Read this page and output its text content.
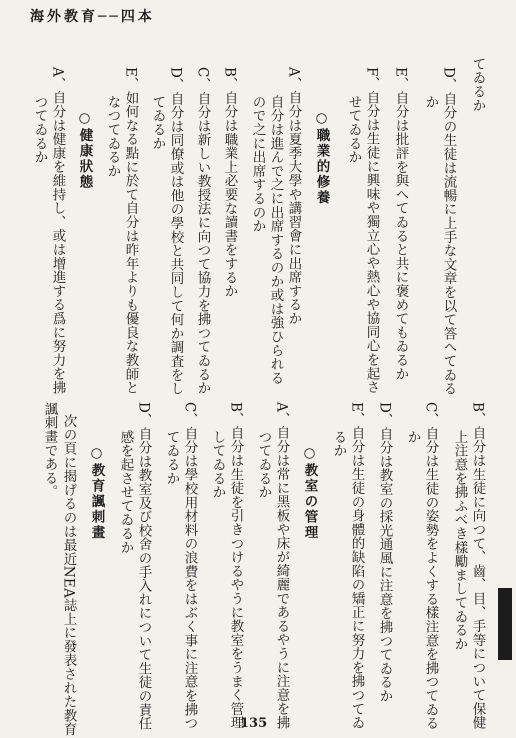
海外教育──四本
てゐるか
D、自分の生徒は流暢に上手な文章を以て答へてゐる
か
E、自分は批評を與へてゐると共に褒めてもゐるか
F、自分は生徒に興味や獨立心や熱心や協同心を起さ
せてゐるか
○職業的修養
A、自分は夏季大學や講習會に出席するか
自分は進んで之に出席するのか或は強ひられる
ので之に出席するのか
B、自分は職業上必要な讀書をするか
C、自分は新しい教授法に向つて協力を拂つてゐるか
D、自分は同僚或は他の學校と共同して何か調査をし
てゐるか
E、如何なる點に於て自分は昨年よりも優良な教師と
なつてゐるか
○健康狀態
A、自分は健康を維持し、或は增進する爲に努力を拂
つてゐるか
B、自分は生徒に向つて、齒、目、手等について保健
上注意を拂ふべき樣勵ましてゐるか
C、自分は生徒の姿勢をよくする樣注意を拂つてゐる
か
D、自分は教室の採光通風に注意を拂つてゐるか
E、自分は生徒の身體的缺陷の矯正に努力を拂つてゐ
るか
○教室の管理
A、自分は常に黑板や床が綺麗であるやうに注意を拂
つてゐるか
B、自分は生徒を引きつけるやうに教室をうまく管理
してゐるか
C、自分は學校用材料の浪費をはぶく事に注意を拂つ
てゐるか
D、自分は教室及び校舍の手入れについて生徒の責任
感を起させてゐるか
○教育諷刺畫
次の頁に揭げるのは最近NEA誌上に發表された教育
諷刺畫である。
135
